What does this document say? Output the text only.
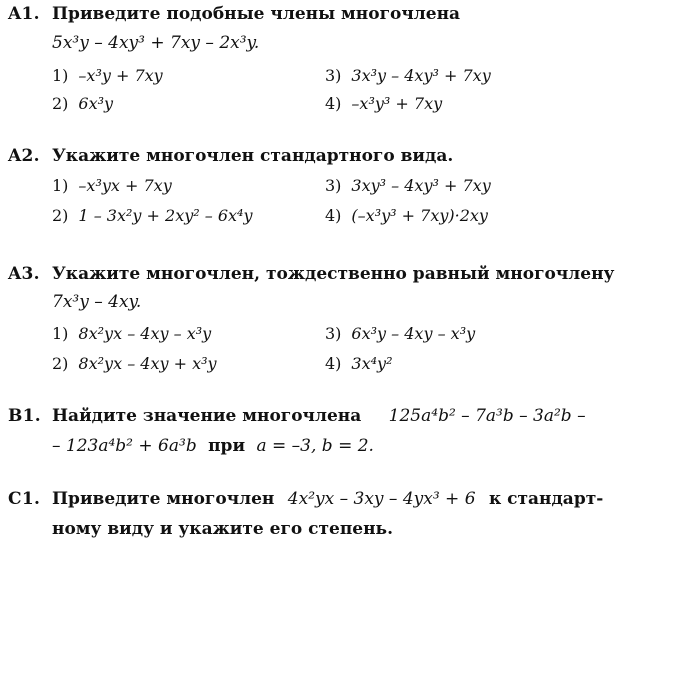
A1. Приведите подобные члены многочлена
5x³y – 4xy³ + 7xy – 2x³y.
1) –x³y + 7xy	3) 3x³y – 4xy³ + 7xy
2) 6x³y	4) –x³y³ + 7xy
A2. Укажите многочлен стандартного вида.
1) –x³yx + 7xy	3) 3xy³ – 4xy³ + 7xy
2) 1 – 3x²y + 2xy² – 6x⁴y	4) (–x³y³ + 7xy)·2xy
A3. Укажите многочлен, тождественно равный многочлену
7x³y – 4xy.
1) 8x²yx – 4xy – x³y	3) 6x³y – 4xy – x³y
2) 8x²yx – 4xy + x³y	4) 3x⁴y²
B1. Найдите значение многочлена 125a⁴b² – 7a³b – 3a²b –
– 123a⁴b² + 6a³b при a = –3, b = 2.
C1. Приведите многочлен 4x²yx – 3xy – 4yx³ + 6 к стандарт-
ному виду и укажите его степень.
